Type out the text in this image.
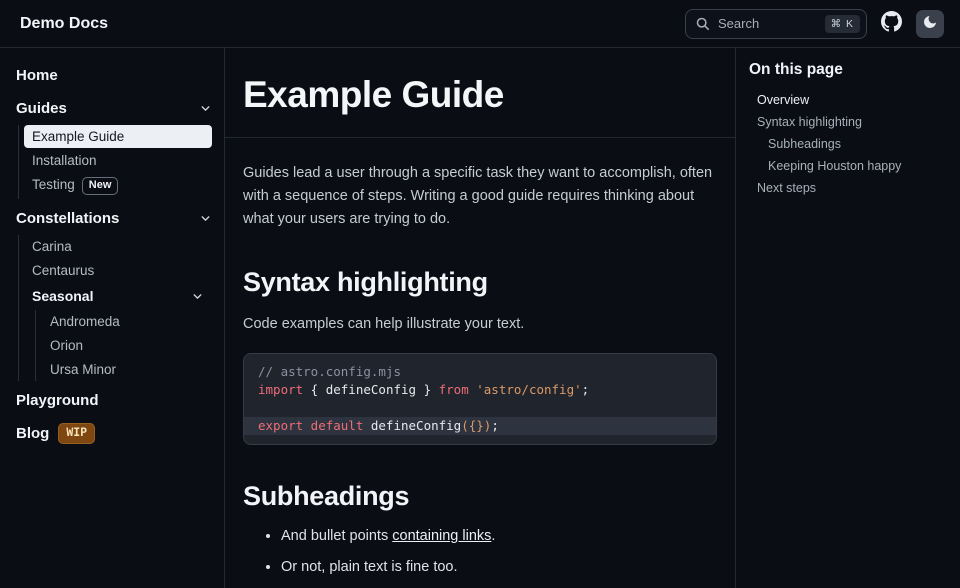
Demo Docs	Search	⌘ K
Home
Guides
Example Guide
Installation
Testing New
Constellations
Carina
Centaurus
Seasonal
Andromeda
Orion
Ursa Minor
Playground
Blog	WIP
Example Guide

Guides lead a user through a specific task they want to accomplish, often with a sequence of steps. Writing a good guide requires thinking about what your users are trying to do.

Syntax highlighting

Code examples can help illustrate your text.

// astro.config.mjs
import { defineConfig } from 'astro/config';

export default defineConfig({});
Subheadings
• And bullet points containing links.
• Or not, plain text is fine too.
On this page
Overview
Syntax highlighting
Subheadings
Keeping Houston happy
Next steps
